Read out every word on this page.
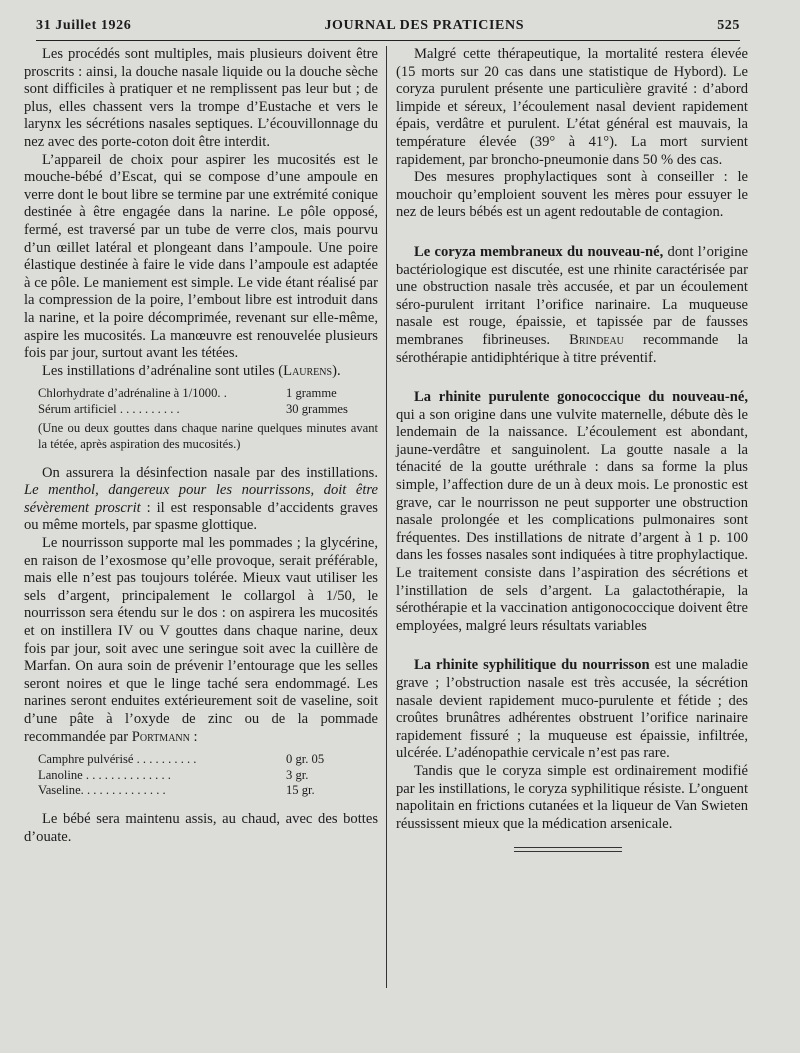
31 Juillet 1926	JOURNAL DES PRATICIENS	525

Les procédés sont multiples, mais plusieurs doivent être proscrits : ainsi, la douche nasale liquide ou la douche sèche sont difficiles à pratiquer et ne remplissent pas leur but ; de plus, elles chassent vers la trompe d’Eustache et vers le larynx les sécrétions nasales septiques. L’écouvillonnage du nez avec des porte-coton doit être interdit.

L’appareil de choix pour aspirer les mucosités est le mouche-bébé d’Escat, qui se compose d’une ampoule en verre dont le bout libre se termine par une extrémité conique destinée à être engagée dans la narine. Le pôle opposé, fermé, est traversé par un tube de verre clos, mais pourvu d’un œillet latéral et plongeant dans l’ampoule. Une poire élastique destinée à faire le vide dans l’ampoule est adaptée à ce pôle. Le maniement est simple. Le vide étant réalisé par la compression de la poire, l’embout libre est introduit dans la narine, et la poire décomprimée, revenant sur elle-même, aspire les mucosités. La manœuvre est renouvelée plusieurs fois par jour, surtout avant les tétées.

Les instillations d’adrénaline sont utiles (Laurens).

Chlorhydrate d’adrénaline à 1/1000. .	1 gramme
Sérum artificiel . . . . . . . . . .	30 grammes

(Une ou deux gouttes dans chaque narine quelques minutes avant la tétée, après aspiration des mucosités.)

On assurera la désinfection nasale par des instillations. Le menthol, dangereux pour les nourrissons, doit être sévèrement proscrit : il est responsable d’accidents graves ou même mortels, par spasme glottique.

Le nourrisson supporte mal les pommades ; la glycérine, en raison de l’exosmose qu’elle provoque, serait préférable, mais elle n’est pas toujours tolérée. Mieux vaut utiliser les sels d’argent, principalement le collargol à 1/50, le nourrisson sera étendu sur le dos : on aspirera les mucosités et on instillera IV ou V gouttes dans chaque narine, deux fois par jour, soit avec une seringue soit avec la cuillère de Marfan. On aura soin de prévenir l’entourage que les selles seront noires et que le linge taché sera endommagé. Les narines seront enduites extérieurement soit de vaseline, soit d’une pâte à l’oxyde de zinc ou de la pommade recommandée par Portmann :

Camphre pulvérisé . . . . . . . . . .	0 gr. 05
Lanoline . . . . . . . . . . . . . .	3 gr.
Vaseline. . . . . . . . . . . . . .	15 gr.

Le bébé sera maintenu assis, au chaud, avec des bottes d’ouate.

Malgré cette thérapeutique, la mortalité restera élevée (15 morts sur 20 cas dans une statistique de Hybord). Le coryza purulent présente une particulière gravité : d’abord limpide et séreux, l’écoulement nasal devient rapidement épais, verdâtre et purulent. L’état général est mauvais, la température élevée (39° à 41°). La mort survient rapidement, par broncho-pneumonie dans 50 % des cas.

Des mesures prophylactiques sont à conseiller : le mouchoir qu’emploient souvent les mères pour essuyer le nez de leurs bébés est un agent redoutable de contagion.

Le coryza membraneux du nouveau-né, dont l’origine bactériologique est discutée, est une rhinite caractérisée par une obstruction nasale très accusée, et par un écoulement séro-purulent irritant l’orifice narinaire. La muqueuse nasale est rouge, épaissie, et tapissée par de fausses membranes fibrineuses. Brindeau recommande la sérothérapie antidiphtérique à titre préventif.

La rhinite purulente gonococcique du nouveau-né, qui a son origine dans une vulvite maternelle, débute dès le lendemain de la naissance. L’écoulement est abondant, jaune-verdâtre et sanguinolent. La goutte nasale a la ténacité de la goutte uréthrale : dans sa forme la plus simple, l’affection dure de un à deux mois. Le pronostic est grave, car le nourrisson ne peut supporter une obstruction nasale prolongée et les complications pulmonaires sont fréquentes. Des instillations de nitrate d’argent à 1 p. 100 dans les fosses nasales sont indiquées à titre prophylactique. Le traitement consiste dans l’aspiration des sécrétions et l’instillation de sels d’argent. La galactothérapie, la sérothérapie et la vaccination antigonococcique doivent être employées, malgré leurs résultats variables

La rhinite syphilitique du nourrisson est une maladie grave ; l’obstruction nasale est très accusée, la sécrétion nasale devient rapidement muco-purulente et fétide ; des croûtes brunâtres adhérentes obstruent l’orifice narinaire rapidement fissuré ; la muqueuse est épaissie, infiltrée, ulcérée. L’adénopathie cervicale n’est pas rare.

Tandis que le coryza simple est ordinairement modifié par les instillations, le coryza syphilitique résiste. L’onguent napolitain en frictions cutanées et la liqueur de Van Swieten réussissent mieux que la médication arsenicale.
